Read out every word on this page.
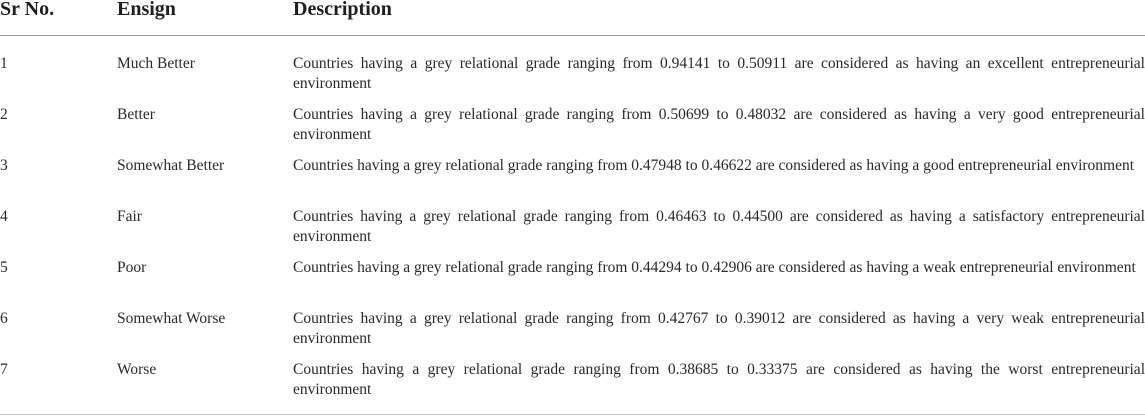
Sr No.	Ensign	Description
1	Much Better	Countries having a grey relational grade ranging from 0.94141 to 0.50911 are considered as having an excellent entrepreneurial environment
2	Better	Countries having a grey relational grade ranging from 0.50699 to 0.48032 are considered as having a very good entrepreneurial environment
3	Somewhat Better	Countries having a grey relational grade ranging from 0.47948 to 0.46622 are considered as having a good entrepreneurial environment
4	Fair	Countries having a grey relational grade ranging from 0.46463 to 0.44500 are considered as having a satisfactory entrepreneurial environment
5	Poor	Countries having a grey relational grade ranging from 0.44294 to 0.42906 are considered as having a weak entrepreneurial environment
6	Somewhat Worse	Countries having a grey relational grade ranging from 0.42767 to 0.39012 are considered as having a very weak entrepreneurial environment
7	Worse	Countries having a grey relational grade ranging from 0.38685 to 0.33375 are considered as having the worst entrepreneurial environment
